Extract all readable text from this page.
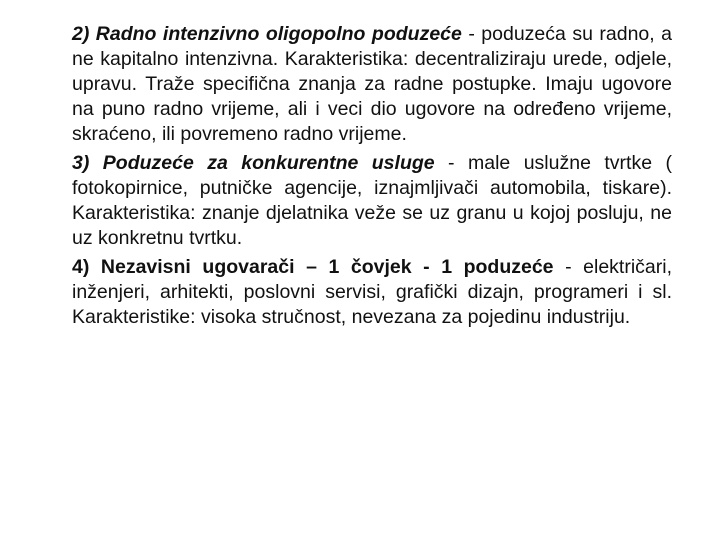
2) Radno intenzivno oligopolno poduzeće - poduzeća su radno, a ne kapitalno intenzivna. Karakteristika: decentraliziraju urede, odjele, upravu. Traže specifična znanja za radne postupke. Imaju ugovore na puno radno vrijeme, ali i veci dio ugovore na određeno vrijeme, skraćeno, ili povremeno radno vrijeme.

3) Poduzeće za konkurentne usluge - male uslužne tvrtke ( fotokopirnice, putničke agencije, iznajmljivači automobila, tiskare). Karakteristika: znanje djelatnika veže se uz granu u kojoj posluju, ne uz konkretnu tvrtku.

4) Nezavisni ugovarači – 1 čovjek - 1 poduzeće - električari, inženjeri, arhitekti, poslovni servisi, grafički dizajn, programeri i sl. Karakteristike: visoka stručnost, nevezana za pojedinu industriju.
